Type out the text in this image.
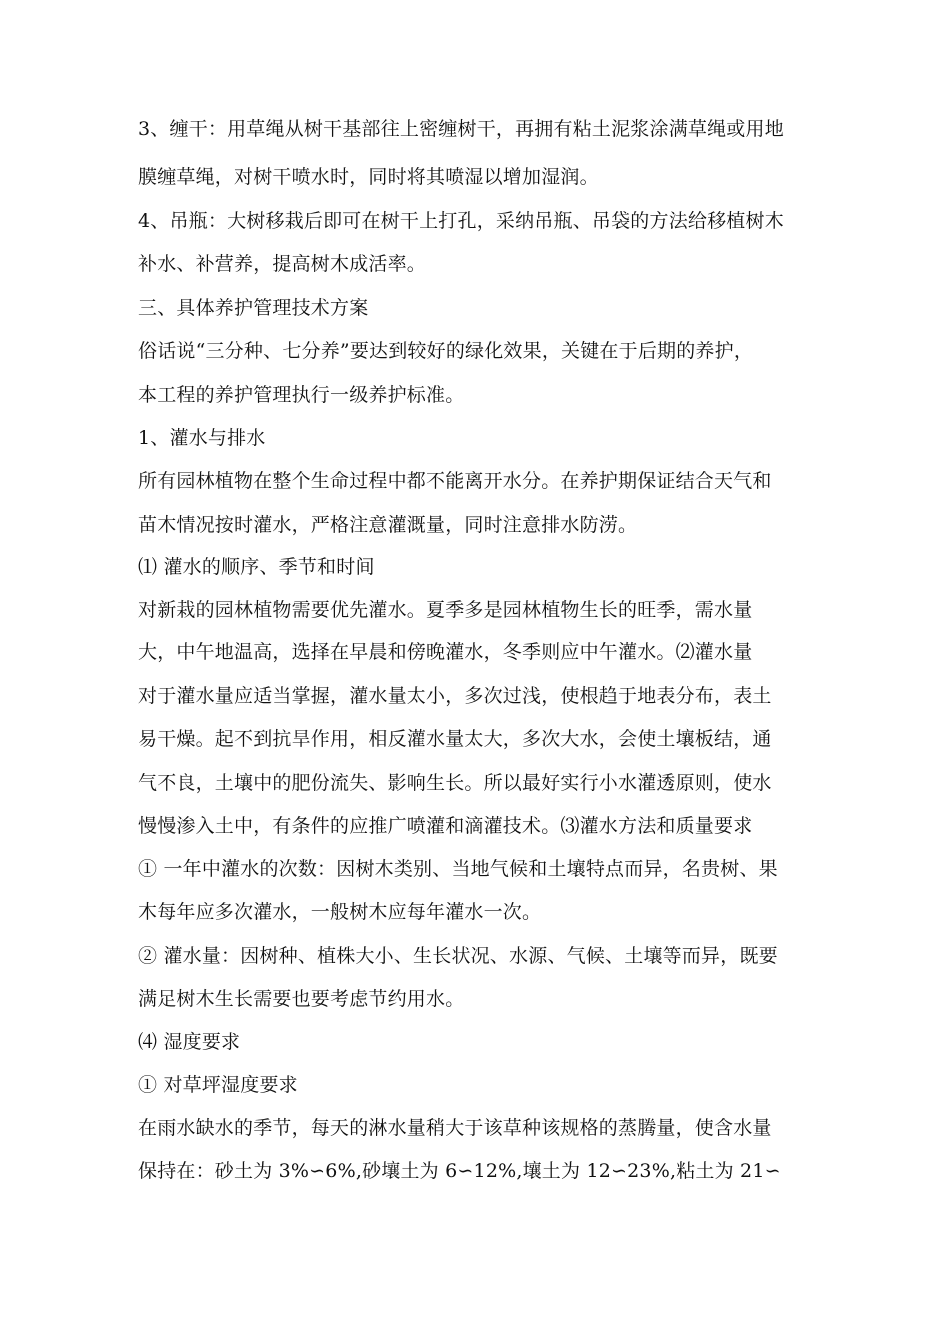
3、缠干：用草绳从树干基部往上密缠树干，再拥有粘土泥浆涂满草绳或用地
膜缠草绳，对树干喷水时，同时将其喷湿以增加湿润。
4、吊瓶：大树移栽后即可在树干上打孔，采纳吊瓶、吊袋的方法给移植树木
补水、补营养，提高树木成活率。
三、具体养护管理技术方案
俗话说“三分种、七分养”要达到较好的绿化效果，关键在于后期的养护，
本工程的养护管理执行一级养护标准。
1、灌水与排水
所有园林植物在整个生命过程中都不能离开水分。在养护期保证结合天气和
苗木情况按时灌水，严格注意灌溉量，同时注意排水防涝。
⑴ 灌水的顺序、季节和时间
对新栽的园林植物需要优先灌水。夏季多是园林植物生长的旺季，需水量
大，中午地温高，选择在早晨和傍晚灌水，冬季则应中午灌水。⑵灌水量
对于灌水量应适当掌握，灌水量太小，多次过浅，使根趋于地表分布，表土
易干燥。起不到抗旱作用，相反灌水量太大，多次大水，会使土壤板结，通
气不良，土壤中的肥份流失、影响生长。所以最好实行小水灌透原则，使水
慢慢渗入土中，有条件的应推广喷灌和滴灌技术。⑶灌水方法和质量要求
① 一年中灌水的次数：因树木类别、当地气候和土壤特点而异，名贵树、果
木每年应多次灌水，一般树木应每年灌水一次。
② 灌水量：因树种、植株大小、生长状况、水源、气候、土壤等而异，既要
满足树木生长需要也要考虑节约用水。
⑷ 湿度要求
① 对草坪湿度要求
在雨水缺水的季节，每天的淋水量稍大于该草种该规格的蒸腾量，使含水量
保持在：砂土为 3%∽6%,砂壤土为 6∽12%,壤土为 12∽23%,粘土为 21∽
